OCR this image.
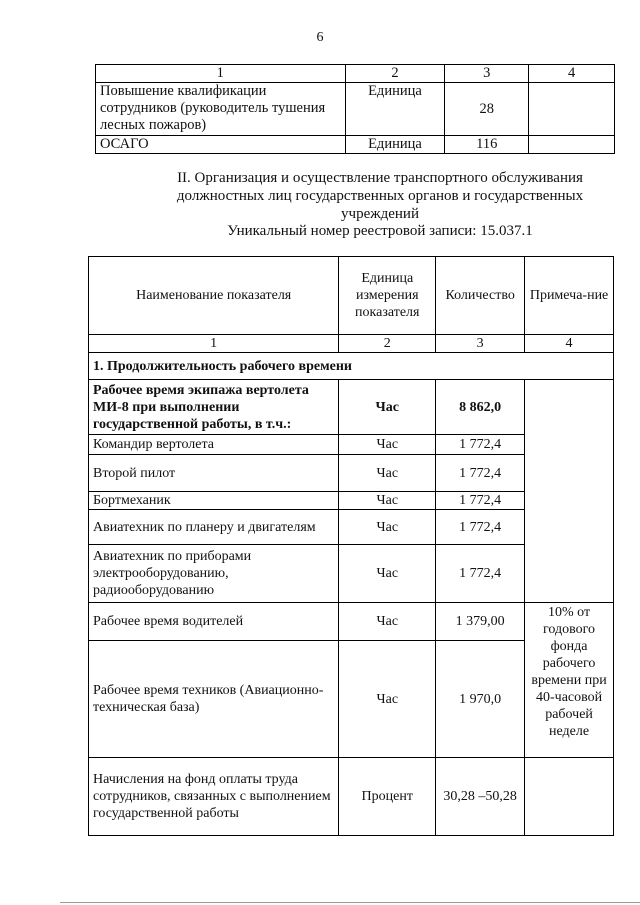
6
1	2	3	4
Повышение квалификации сотрудников (руководитель тушения лесных пожаров)	Единица	28	
ОСАГО	Единица	116	
II. Организация и осуществление транспортного обслуживания должностных лиц государственных органов и государственных учреждений
Уникальный номер реестровой записи: 15.037.1
Наименование показателя	Единица измерения показателя	Количество	Примеча-ние
1	2	3	4
1. Продолжительность рабочего времени			
Рабочее время экипажа вертолета МИ-8 при выполнении государственной работы, в т.ч.:	Час	8 862,0	
Командир вертолета	Час	1 772,4	
Второй пилот	Час	1 772,4	
Бортмеханик	Час	1 772,4	
Авиатехник по планеру и двигателям	Час	1 772,4	
Авиатехник по приборами электрооборудованию, радиооборудованию	Час	1 772,4	
Рабочее время водителей	Час	1 379,00	10% от годового фонда рабочего времени при 40-часовой рабочей неделе
Рабочее время техников (Авиационно-техническая база)	Час	1 970,0	
Начисления на фонд оплаты труда сотрудников, связанных с выполнением государственной работы	Процент	30,28 –50,28	
